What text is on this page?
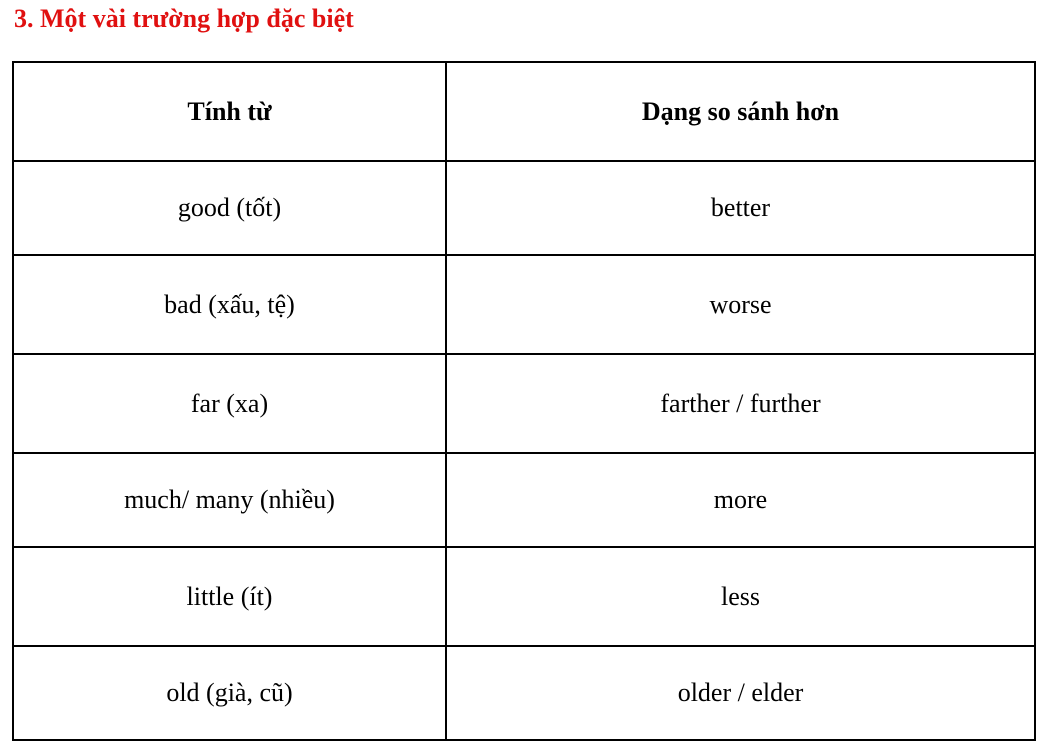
3. Một vài trường hợp đặc biệt
Tính từ	Dạng so sánh hơn
good (tốt)	better
bad (xấu, tệ)	worse
far (xa)	farther / further
much/ many (nhiều)	more
little (ít)	less
old (già, cũ)	older / elder
